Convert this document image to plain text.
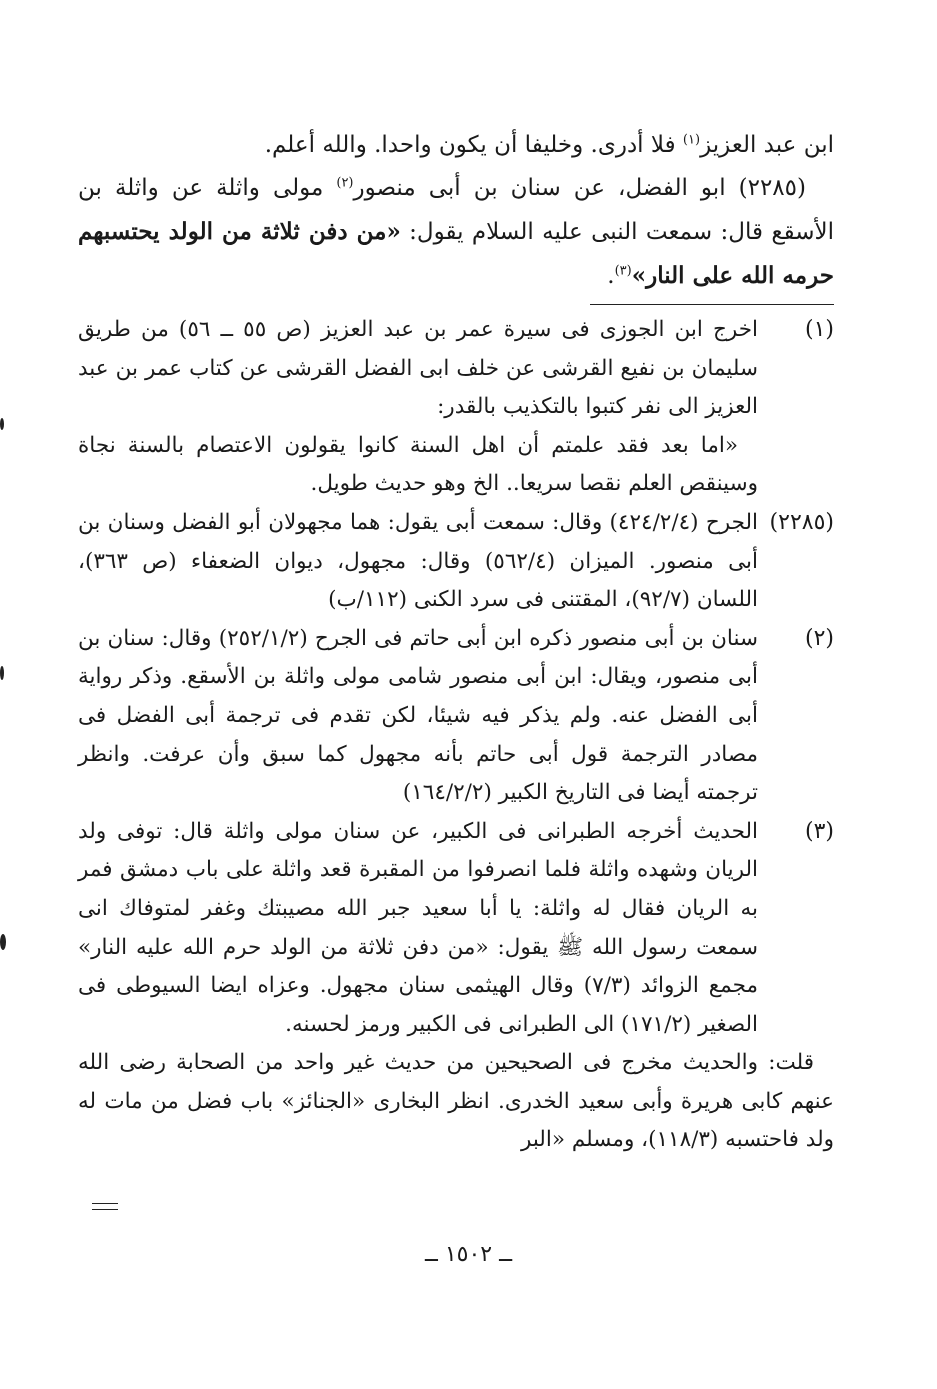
ابن عبد العزيز$^{(١)}$ فلا أدرى. وخليفا أن يكون واحدا. والله أعلم.

(٢٢٨٥) ابو الفضل، عن سنان بن أبى منصور$^{(٢)}$ مولى واثلة عن واثلة بن الأسقع قال: سمعت النبى عليه السلام يقول: «من دفن ثلاثة من الولد يحتسبهم حرمه الله على النار»$^{(٣)}$.

(١)

اخرج ابن الجوزى فى سيرة عمر بن عبد العزيز (ص ٥٥ ــ ٥٦) من طريق سليمان بن نفيع القرشى عن خلف ابى الفضل القرشى عن كتاب عمر بن عبد العزيز الى نفر كتبوا بالتكذيب بالقدر:

«اما بعد فقد علمتم أن اهل السنة كانوا يقولون الاعتصام بالسنة نجاة وسينقص العلم نقصا سريعا.. الخ وهو حديث طويل.

(٢٢٨٥)

الجرح (٤٢٤/٢/٤) وقال: سمعت أبى يقول: هما مجهولان أبو الفضل وسنان بن أبى منصور. الميزان (٥٦٢/٤) وقال: مجهول، ديوان الضعفاء (ص ٣٦٣)، اللسان (٩٢/٧)، المقتنى فى سرد الكنى (١١٢/ب)

(٢)

سنان بن أبى منصور ذكره ابن أبى حاتم فى الجرح (٢٥٢/١/٢) وقال: سنان بن أبى منصور، ويقال: ابن أبى منصور شامى مولى واثلة بن الأسقع. وذكر رواية أبى الفضل عنه. ولم يذكر فيه شيئا، لكن تقدم فى ترجمة أبى الفضل فى مصادر الترجمة قول أبى حاتم بأنه مجهول كما سبق وأن عرفت. وانظر ترجمته أيضا فى التاريخ الكبير (١٦٤/٢/٢)

(٣)

الحديث أخرجه الطبرانى فى الكبير، عن سنان مولى واثلة قال: توفى ولد الريان وشهده واثلة فلما انصرفوا من المقبرة قعد واثلة على باب دمشق فمر به الريان فقال له واثلة: يا أبا سعيد جبر الله مصيبتك وغفر لمتوفاك انى سمعت رسول الله ﷺ يقول: «من دفن ثلاثة من الولد حرم الله عليه النار» مجمع الزوائد (٧/٣) وقال الهيثمى سنان مجهول. وعزاه ايضا السيوطى فى الصغير (١٧١/٢) الى الطبرانى فى الكبير ورمز لحسنه.

قلت: والحديث مخرج فى الصحيحين من حديث غير واحد من الصحابة رضى الله عنهم كابى هريرة وأبى سعيد الخدرى. انظر البخارى «الجنائز» باب فضل من مات له ولد فاحتسبه (١١٨/٣)، ومسلم «البر

ــ ١٥٠٢ ــ
